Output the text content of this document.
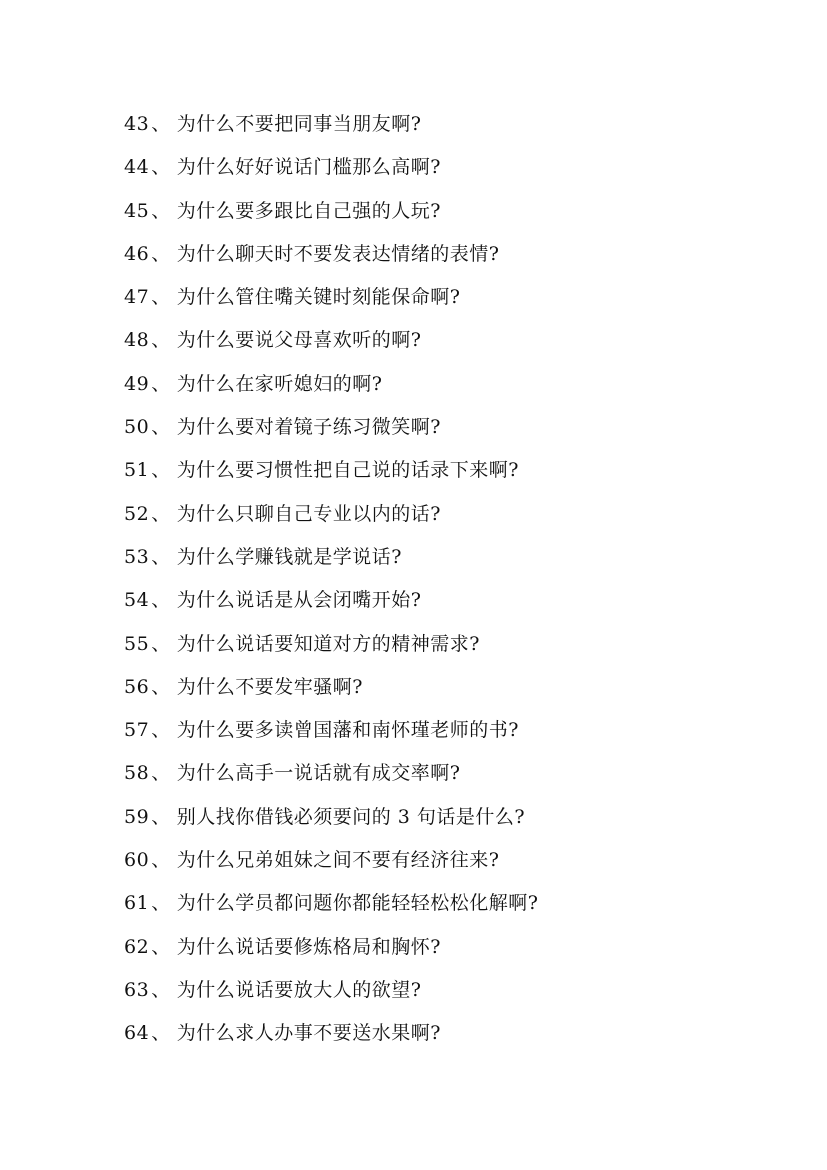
43 、 为什么不要把同事当朋友啊?
44 、 为什么好好说话门槛那么高啊?
45 、 为什么要多跟比自己强的人玩?
46 、 为什么聊天时不要发表达情绪的表情?
47 、 为什么管住嘴关键时刻能保命啊?
48 、 为什么要说父母喜欢听的啊?
49 、 为什么在家听媳妇的啊?
50 、 为什么要对着镜子练习微笑啊?
51 、 为什么要习惯性把自己说的话录下来啊?
52 、 为什么只聊自己专业以内的话?
53 、 为什么学赚钱就是学说话?
54 、 为什么说话是从会闭嘴开始?
55 、 为什么说话要知道对方的精神需求?
56 、 为什么不要发牢骚啊?
57 、 为什么要多读曾国藩和南怀瑾老师的书?
58 、 为什么高手一说话就有成交率啊?
59 、 别人找你借钱必须要问的 3 句话是什么?
60 、 为什么兄弟姐妹之间不要有经济往来?
61 、 为什么学员都问题你都能轻轻松松化解啊?
62 、 为什么说话要修炼格局和胸怀?
63 、 为什么说话要放大人的欲望?
64 、 为什么求人办事不要送水果啊?
